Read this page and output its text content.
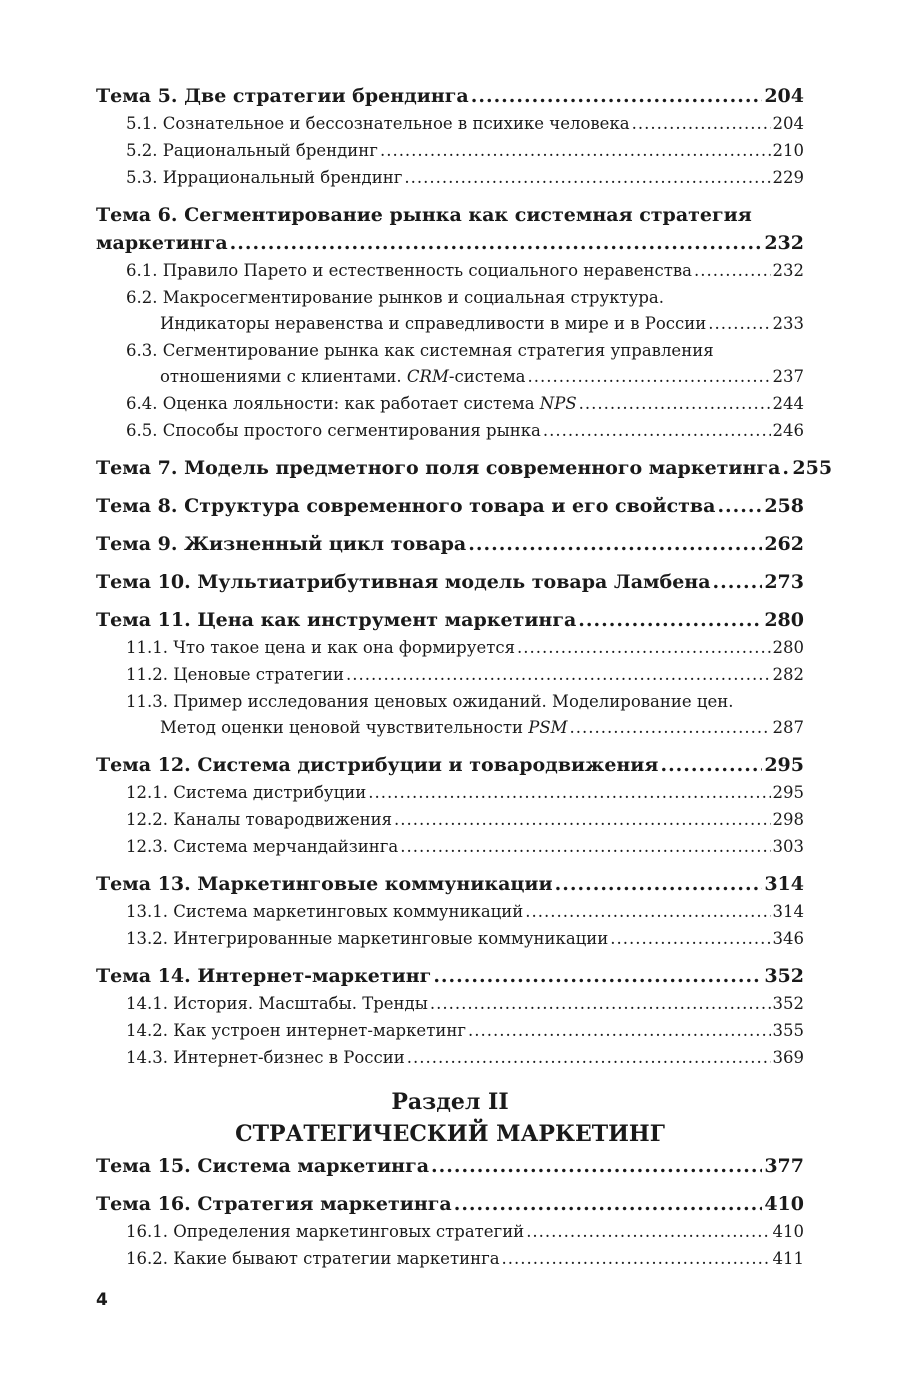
Тема 5. Две стратегии брендинга .....	204
5.1. Сознательное и бессознательное в психике человека .....	204
5.2. Рациональный брендинг .....	210
5.3. Иррациональный брендинг .....	229
Тема 6. Сегментирование рынка как системная стратегия
маркетинга .....	232
6.1. Правило Парето и естественность социального неравенства .....	232
6.2. Макросегментирование рынков и социальная структура.
Индикаторы неравенства и справедливости в мире и в России .....	233
6.3. Сегментирование рынка как системная стратегия управления
отношениями с клиентами. CRM-система .....	237
6.4. Оценка лояльности: как работает система NPS .....	244
6.5. Способы простого сегментирования рынка .....	246
Тема 7. Модель предметного поля современного маркетинга ..... 255
Тема 8. Структура современного товара и его свойства .....	258
Тема 9. Жизненный цикл товара .....	262
Тема 10. Мультиатрибутивная модель товара Ламбена .....	273
Тема 11. Цена как инструмент маркетинга .....	280
11.1. Что такое цена и как она формируется .....	280
11.2. Ценовые стратегии .....	282
11.3. Пример исследования ценовых ожиданий. Моделирование цен.
Метод оценки ценовой чувствительности PSM .....	287
Тема 12. Система дистрибуции и товародвижения .....	295
12.1. Система дистрибуции .....	295
12.2. Каналы товародвижения .....	298
12.3. Система мерчандайзинга .....	303
Тема 13. Маркетинговые коммуникации .....	314
13.1. Система маркетинговых коммуникаций .....	314
13.2. Интегрированные маркетинговые коммуникации .....	346
Тема 14. Интернет-маркетинг .....	352
14.1. История. Масштабы. Тренды .....	352
14.2. Как устроен интернет-маркетинг .....	355
14.3. Интернет-бизнес в России .....	369
Раздел II
СТРАТЕГИЧЕСКИЙ МАРКЕТИНГ
Тема 15. Система маркетинга .....	377
Тема 16. Стратегия маркетинга .....	410
16.1. Определения маркетинговых стратегий .....	410
16.2. Какие бывают стратегии маркетинга .....	411
4
